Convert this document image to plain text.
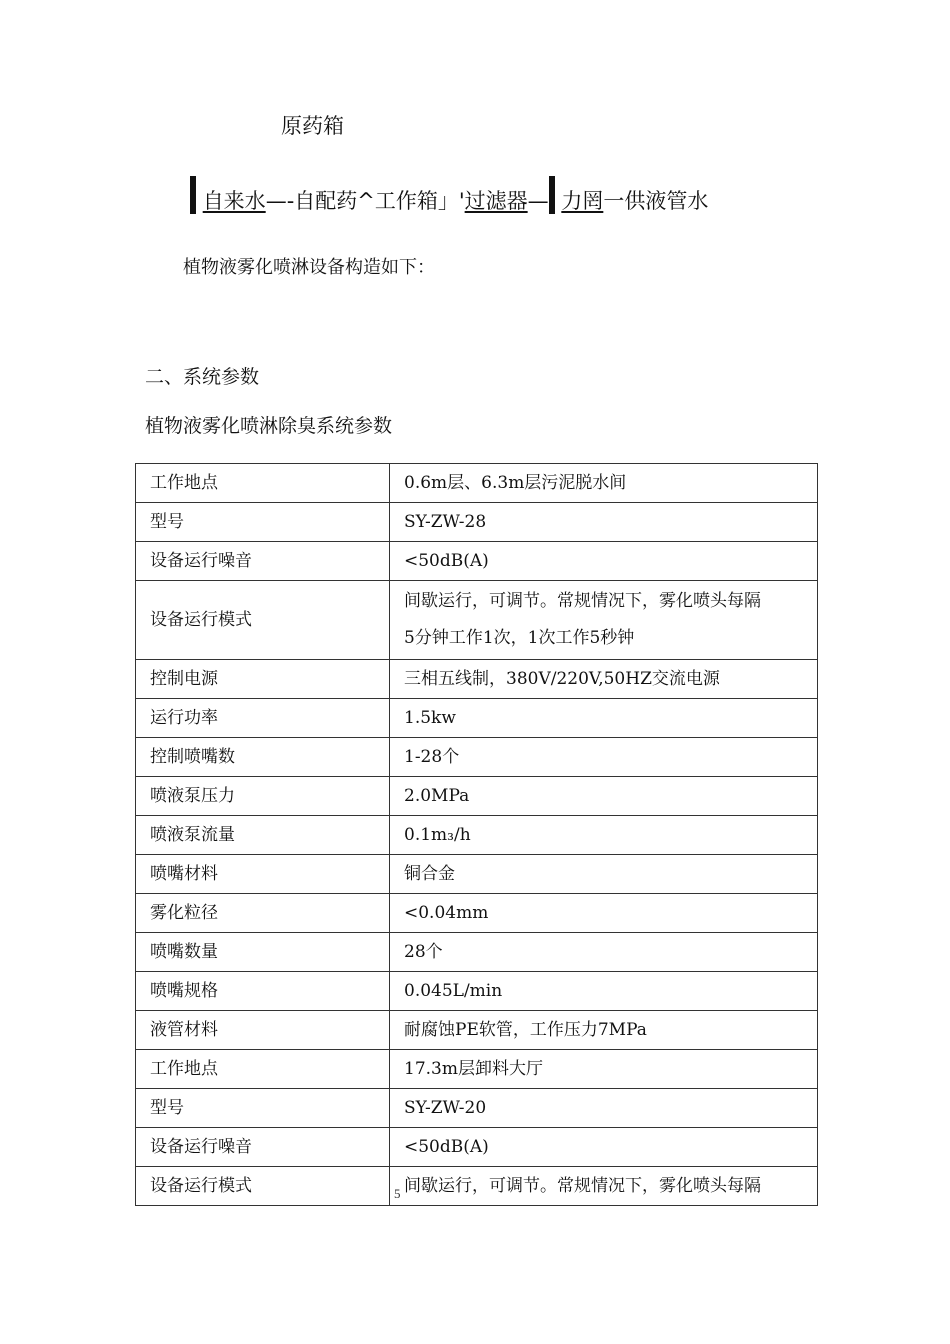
原药箱
自来水—-自配药^工作箱」'过滤器— 力罔一供液管水
植物液雾化喷淋设备构造如下：
二、系统参数
植物液雾化喷淋除臭系统参数
工作地点	0.6m层、6.3m层污泥脱水间
型号	SY-ZW-28
设备运行噪音	<50dB(A)
设备运行模式	间歇运行，可调节。常规情况下，雾化喷头每隔
5分钟工作1次，1次工作5秒钟

控制电源	三相五线制，380V/220V,50HZ交流电源
运行功率	1.5kw
控制喷嘴数	1-28个
喷液泵压力	2.0MPa
喷液泵流量	0.1m₃/h
喷嘴材料	铜合金
雾化粒径	<0.04mm
喷嘴数量	28个
喷嘴规格	0.045L/min
液管材料	耐腐蚀PE软管，工作压力7MPa
工作地点	17.3m层卸料大厅
型号	SY-ZW-20
设备运行噪音	<50dB(A)
设备运行模式	间歇运行，可调节。常规情况下，雾化喷头每隔
5
